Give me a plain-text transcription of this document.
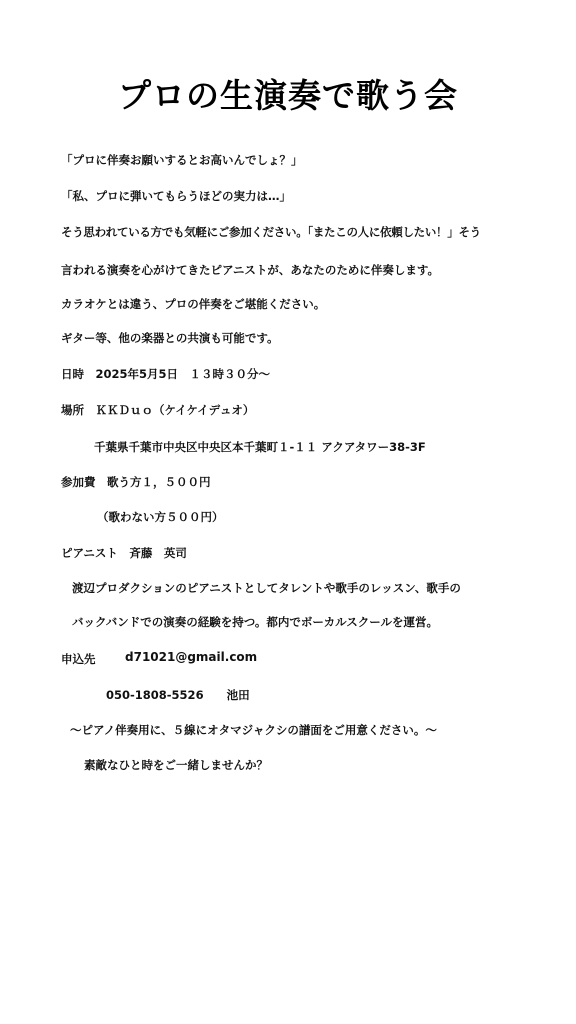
プロの生演奏で歌う会
「プロに伴奏お願いするとお高いんでしょ？」
「私、プロに弾いてもらうほどの実力は…」
そう思われている方でも気軽にご参加ください。「またこの人に依頼したい！」そう
言われる演奏を心がけてきたピアニストが、あなたのために伴奏します。
カラオケとは違う、プロの伴奏をご堪能ください。
ギター等、他の楽器との共演も可能です。
日時　2025年5月5日　１３時３０分〜
場所　ＫＫＤｕｏ（ケイケイデュオ）
千葉県千葉市中央区中央区本千葉町１-１１ アクアタワー38-3F
参加費　歌う方１，５００円
（歌わない方５００円）
ピアニスト　斉藤　英司
渡辺プロダクションのピアニストとしてタレントや歌手のレッスン、歌手の
バックバンドでの演奏の経験を持つ。都内でボーカルスクールを運営。
申込先 d71021@gmail.com
050-1808-5526　　池田
〜ピアノ伴奏用に、５線にオタマジャクシの譜面をご用意ください。〜
素敵なひと時をご一緒しませんか？
